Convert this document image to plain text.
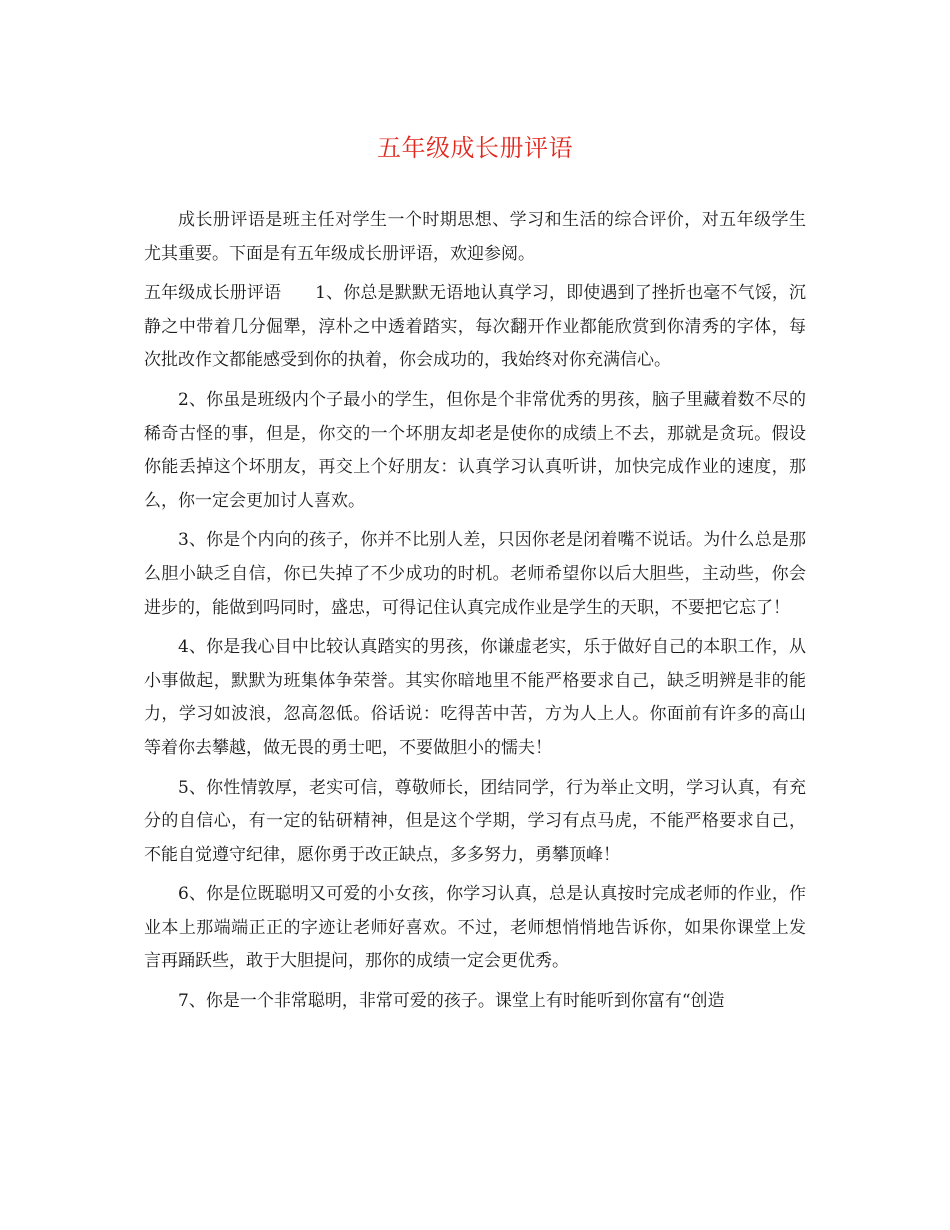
五年级成长册评语

成长册评语是班主任对学生一个时期思想、学习和生活的综合评价，对五年级学生尤其重要。下面是有五年级成长册评语，欢迎参阅。

五年级成长册评语 1、你总是默默无语地认真学习，即使遇到了挫折也毫不气馁，沉静之中带着几分倔犟，淳朴之中透着踏实，每次翻开作业都能欣赏到你清秀的字体，每次批改作文都能感受到你的执着，你会成功的，我始终对你充满信心。

2、你虽是班级内个子最小的学生，但你是个非常优秀的男孩，脑子里藏着数不尽的稀奇古怪的事，但是，你交的一个坏朋友却老是使你的成绩上不去，那就是贪玩。假设你能丢掉这个坏朋友，再交上个好朋友：认真学习认真听讲，加快完成作业的速度，那么，你一定会更加讨人喜欢。

3、你是个内向的孩子，你并不比别人差，只因你老是闭着嘴不说话。为什么总是那么胆小缺乏自信，你已失掉了不少成功的时机。老师希望你以后大胆些，主动些，你会进步的，能做到吗同时，盛忠，可得记住认真完成作业是学生的天职，不要把它忘了！

4、你是我心目中比较认真踏实的男孩，你谦虚老实，乐于做好自己的本职工作，从小事做起，默默为班集体争荣誉。其实你暗地里不能严格要求自己，缺乏明辨是非的能力，学习如波浪，忽高忽低。俗话说：吃得苦中苦，方为人上人。你面前有许多的高山等着你去攀越，做无畏的勇士吧，不要做胆小的懦夫！

5、你性情敦厚，老实可信，尊敬师长，团结同学，行为举止文明，学习认真，有充分的自信心，有一定的钻研精神，但是这个学期，学习有点马虎，不能严格要求自己，不能自觉遵守纪律，愿你勇于改正缺点，多多努力，勇攀顶峰！

6、你是位既聪明又可爱的小女孩，你学习认真，总是认真按时完成老师的作业，作业本上那端端正正的字迹让老师好喜欢。不过，老师想悄悄地告诉你，如果你课堂上发言再踊跃些，敢于大胆提问，那你的成绩一定会更优秀。

7、你是一个非常聪明，非常可爱的孩子。课堂上有时能听到你富有“创造
